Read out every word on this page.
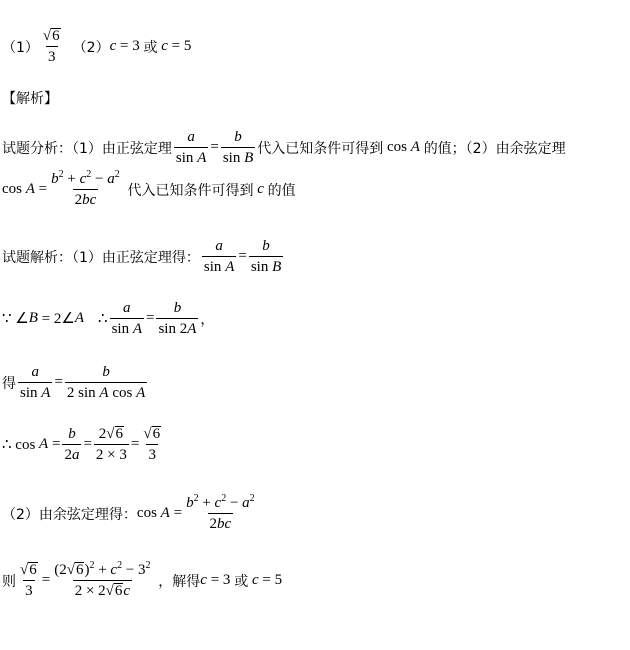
$(1) \frac{√ 6}{3} (2) c = 3$ 或
c = 5
【解析】
试题分析：（1）由正弦定理 $\frac{a}{\text{sin A}} = \frac{b}{\text{sin B}}$ 代入已知条件可得到 cos A
的值；（2）由余弦定理
$\cos A = \frac{b^2 + c^2 - a^2}{2bc}$
代入已知条件可得到
c
的值
试题解析：（1）由正弦定理得： $\frac{a}{\text{sin A}} = \frac{b}{\text{sin B}}$
∵ ∠ B = 2∠ A ∴ $\frac{a}{\text{sin A}} = \frac{b}{\sin 2A}$ ，
得 $\frac{a}{\text{sin A}} = \frac{b}{\text{2 sin A cos A}}$
∴ $\cos A = \frac{b}{2a} = \frac{2 √ 6}{2 \times 3} = \frac{√ 6}{3}$
（2）由余弦定理得： $\cos A = \frac{b^2 + c^2 - a^2}{2bc}$
则 $\frac{√ 6}{3} = \frac{(2 √ 6 )^2 + c^2 - 3^2}{2 \times 2 √ 6 c}$
，解得 c = 3 或
c = 5
